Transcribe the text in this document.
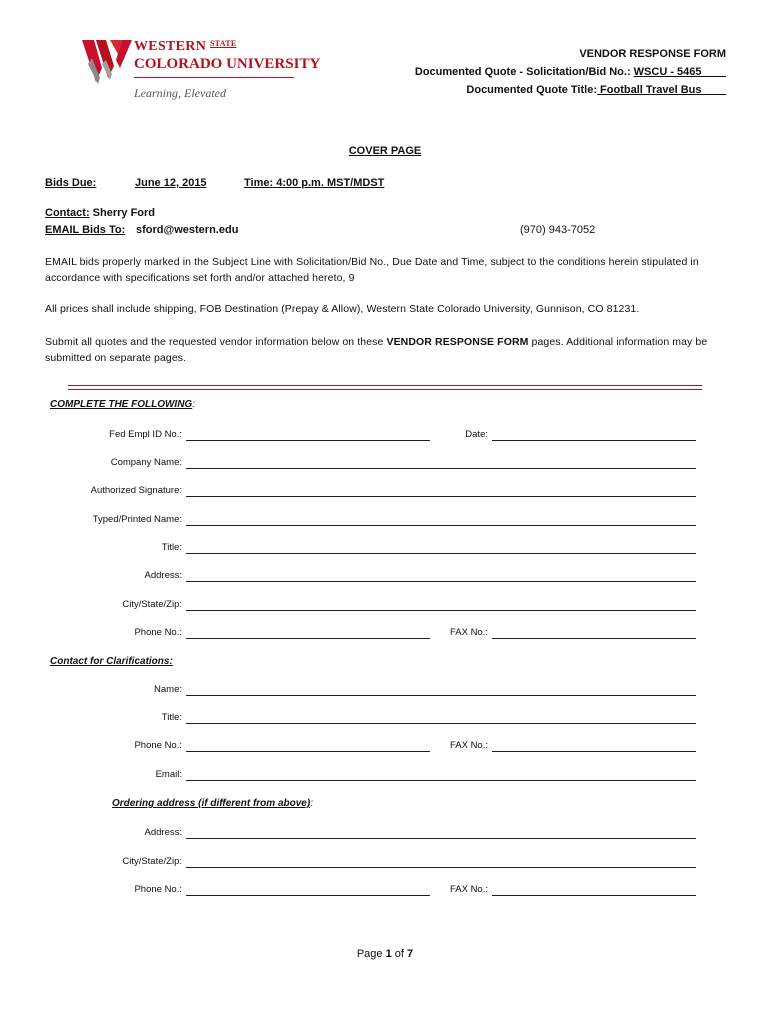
WESTERN $^{STATE}$
COLORADO UNIVERSITY
Learning, Elevated
VENDOR RESPONSE FORM
Documented Quote - Solicitation/Bid No.: WSCU - 5465____
Documented Quote Title: Football Travel Bus____
COVER PAGE
Bids Due:	June 12, 2015	Time: 4:00 p.m. MST/MDST
Contact: Sherry Ford
EMAIL Bids To: sford@western.edu	(970) 943-7052
EMAIL bids properly marked in the Subject Line with Solicitation/Bid No., Due Date and Time, subject to the conditions herein stipulated in accordance with specifications set forth and/or attached hereto, 9
All prices shall include shipping, FOB Destination (Prepay & Allow), Western State Colorado University, Gunnison, CO 81231.
Submit all quotes and the requested vendor information below on these VENDOR RESPONSE FORM pages. Additional information may be submitted on separate pages.
COMPLETE THE FOLLOWING:
Fed Empl ID No.:	Date:
Company Name:
Authorized Signature:
Typed/Printed Name:
Title:
Address:
City/State/Zip:
Phone No.:	FAX No.:
Contact for Clarifications:
Name:
Title:
Phone No.:	FAX No.:
Email:
Ordering address (if different from above):
Address:
City/State/Zip:
Phone No.:	FAX No.:
Page 1 of 7
